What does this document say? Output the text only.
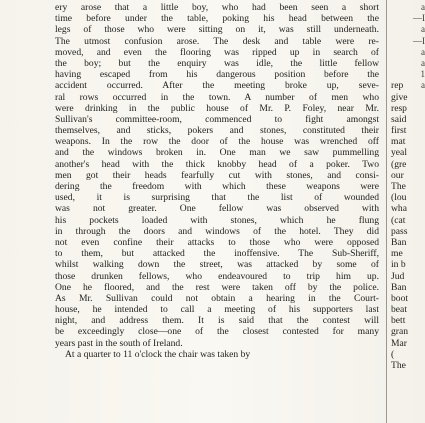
ery arose that a little boy, who had been seen a short
time before under the table, poking his head between the
legs of those who were sitting on it, was still underneath.
The utmost confusion arose. The desk and table were re-
moved, and even the flooring was ripped up in search of
the boy; but the enquiry was idle, the little fellow
having escaped from his dangerous position before the
accident occurred. After the meeting broke up, seve-
ral rows occurred in the town. A number of men who
were drinking in the public house of Mr. P. Foley, near Mr.
Sullivan's committee-room, commenced to fight amongst
themselves, and sticks, pokers and stones, constituted their
weapons. In the row the door of the house was wrenched off
and the windows broken in. One man we saw pummelling
another's head with the thick knobby head of a poker. Two
men got their heads fearfully cut with stones, and consi-
dering the freedom with which these weapons were
used, it is surprising that the list of wounded
was not greater. One fellow was observed with
his pockets loaded with stones, which he flung
in through the doors and windows of the hotel. They did
not even confine their attacks to those who were opposed
to them, but attacked the inoffensive. The Sub-Sheriff,
whilst walking down the street, was attacked by some of
those drunken fellows, who endeavoured to trip him up.
One he floored, and the rest were taken off by the police.
As Mr. Sullivan could not obtain a hearing in the Court-
house, he intended to call a meeting of his supporters last
night, and address them. It is said that the contest will
be exceedingly close—one of the closest contested for many
years past in the south of Ireland.
At a quarter to 11 o'clock the chair was taken by
rep
give
resp
said
first
mat
yeal
(gre
our
The
(lou
wha
(cat
pass
Ban
me
in b
Jud
Ban
boot
beat
bett
gran
Mar
(
The
a
—I
a
—I
a
a
1
a
